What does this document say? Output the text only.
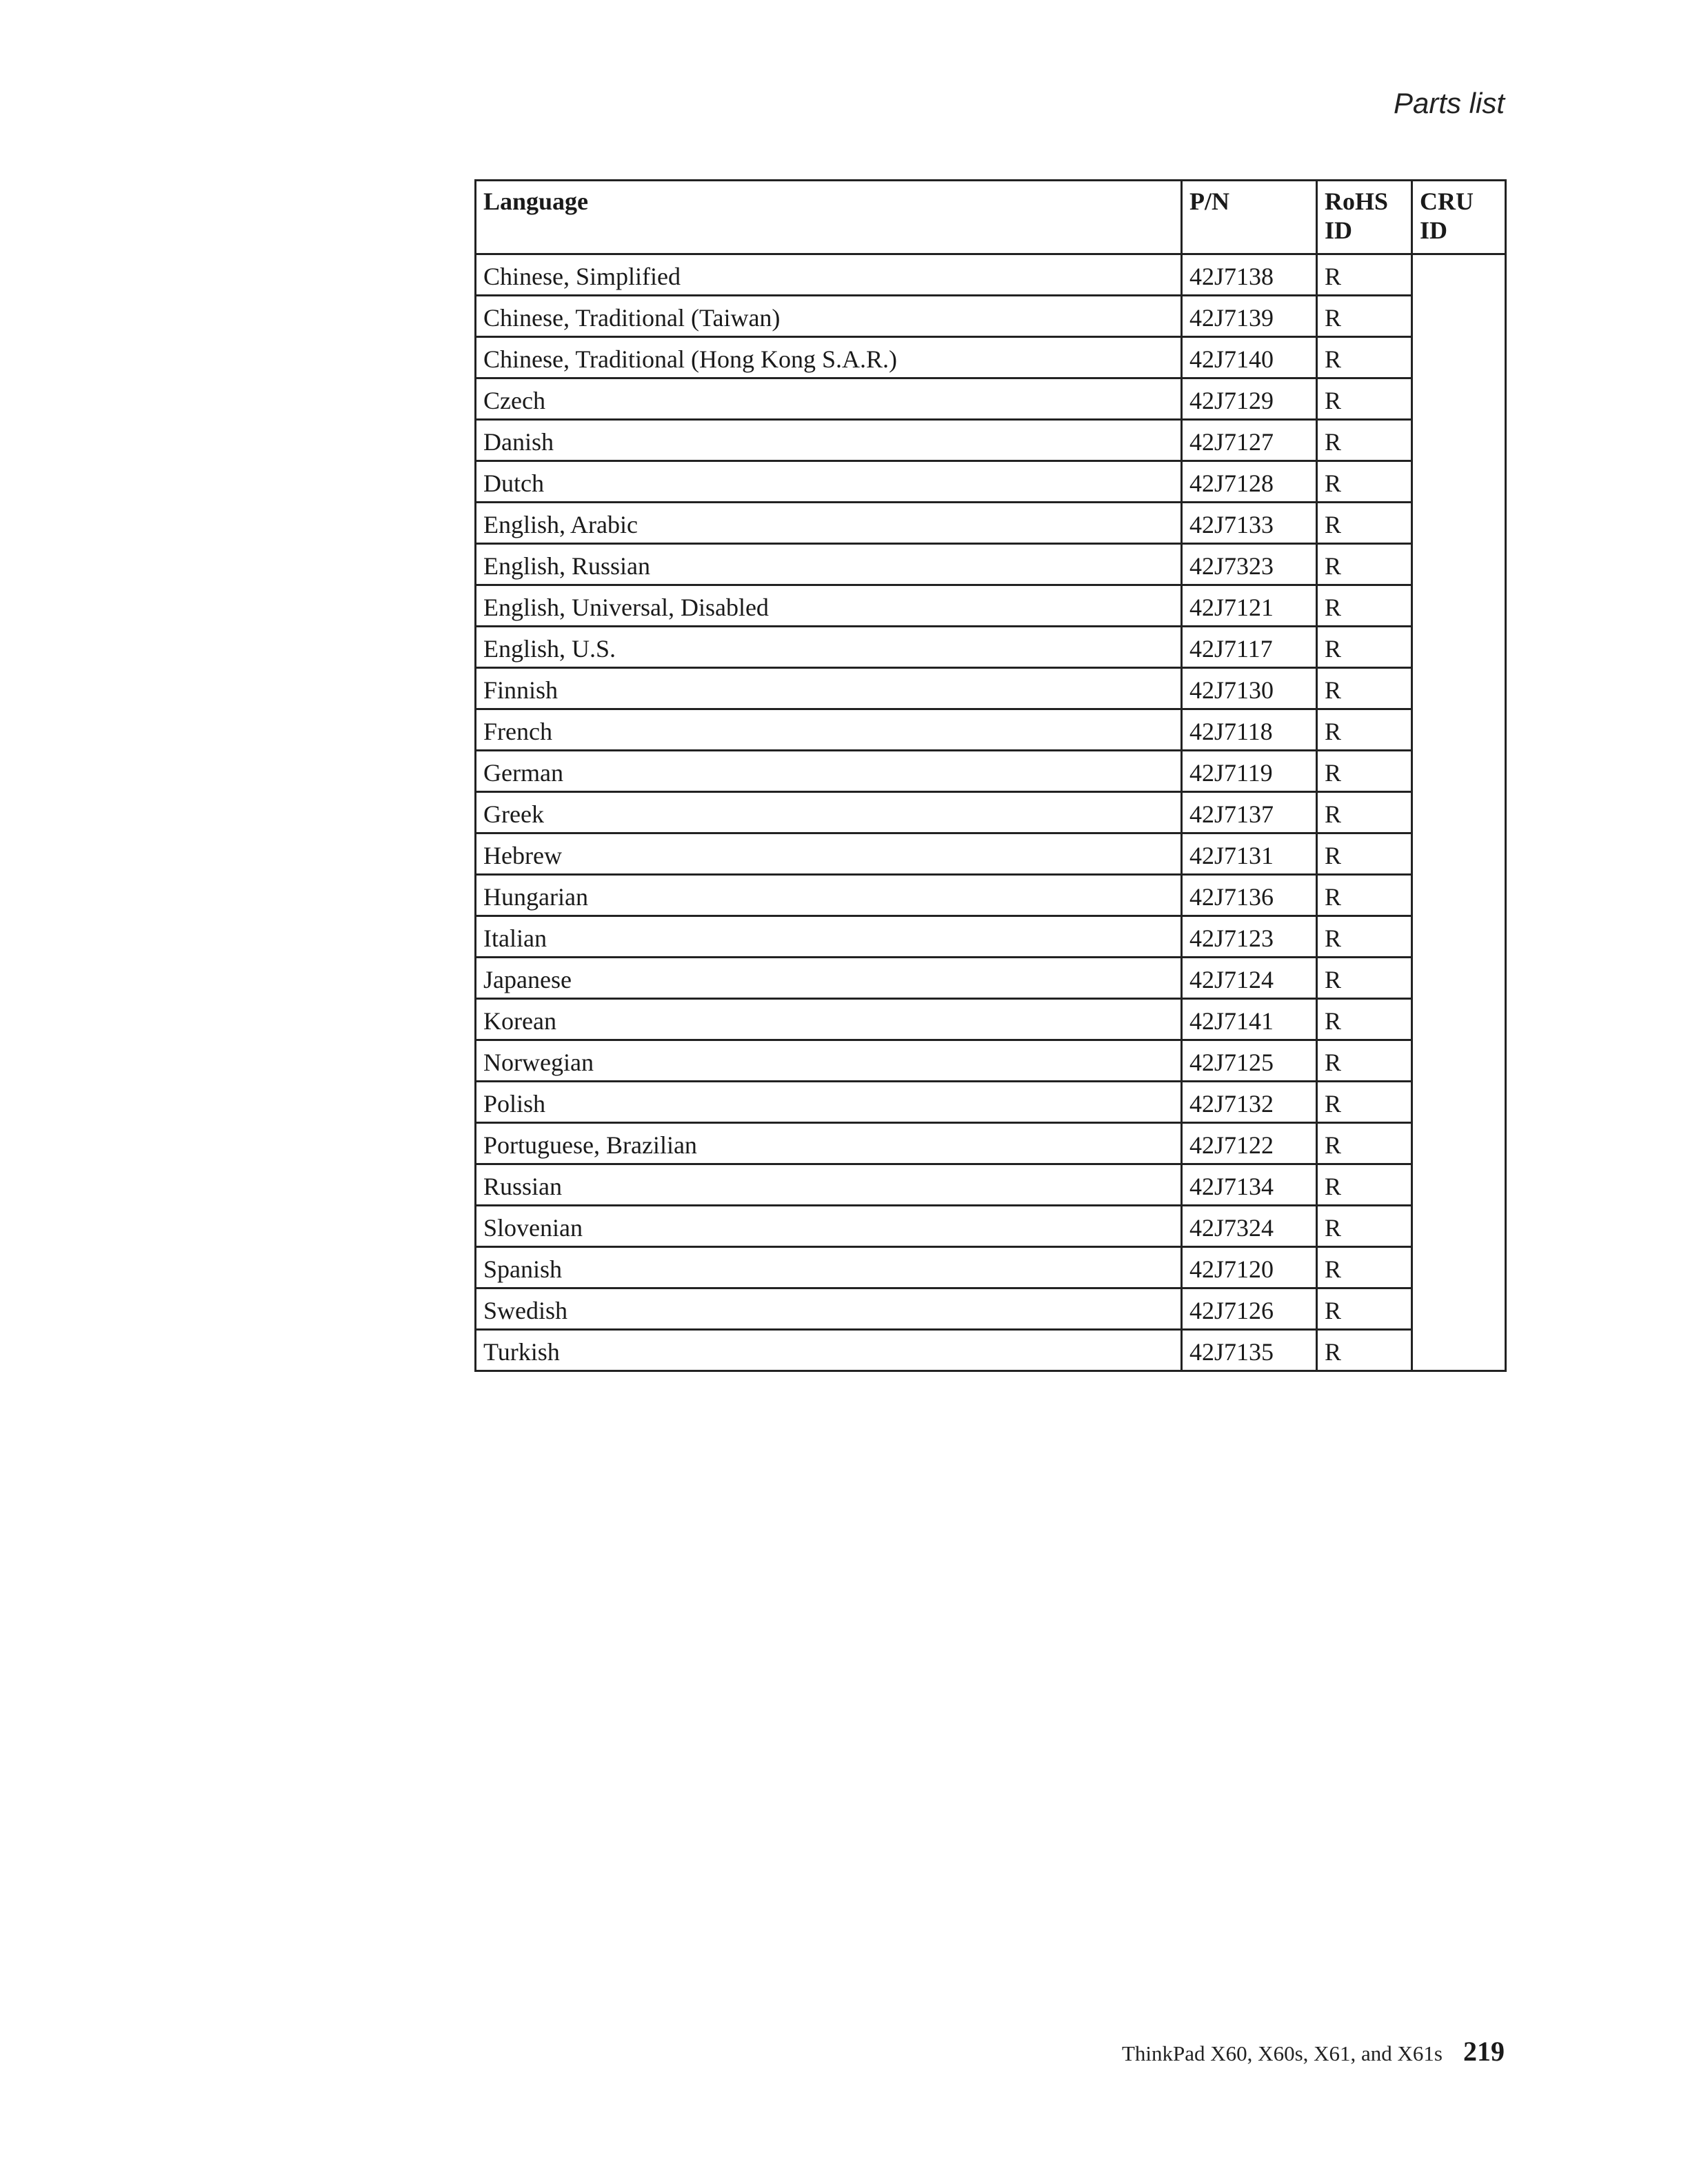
Parts list
Language	P/N	RoHS ID	CRU ID
Chinese, Simplified	42J7138	R	
Chinese, Traditional (Taiwan)	42J7139	R	
Chinese, Traditional (Hong Kong S.A.R.)	42J7140	R	
Czech	42J7129	R	
Danish	42J7127	R	
Dutch	42J7128	R	
English, Arabic	42J7133	R	
English, Russian	42J7323	R	
English, Universal, Disabled	42J7121	R	
English, U.S.	42J7117	R	
Finnish	42J7130	R	
French	42J7118	R	
German	42J7119	R	
Greek	42J7137	R	
Hebrew	42J7131	R	
Hungarian	42J7136	R	
Italian	42J7123	R	
Japanese	42J7124	R	
Korean	42J7141	R	
Norwegian	42J7125	R	
Polish	42J7132	R	
Portuguese, Brazilian	42J7122	R	
Russian	42J7134	R	
Slovenian	42J7324	R	
Spanish	42J7120	R	
Swedish	42J7126	R	
Turkish	42J7135	R	
ThinkPad X60, X60s, X61, and X61s 219
